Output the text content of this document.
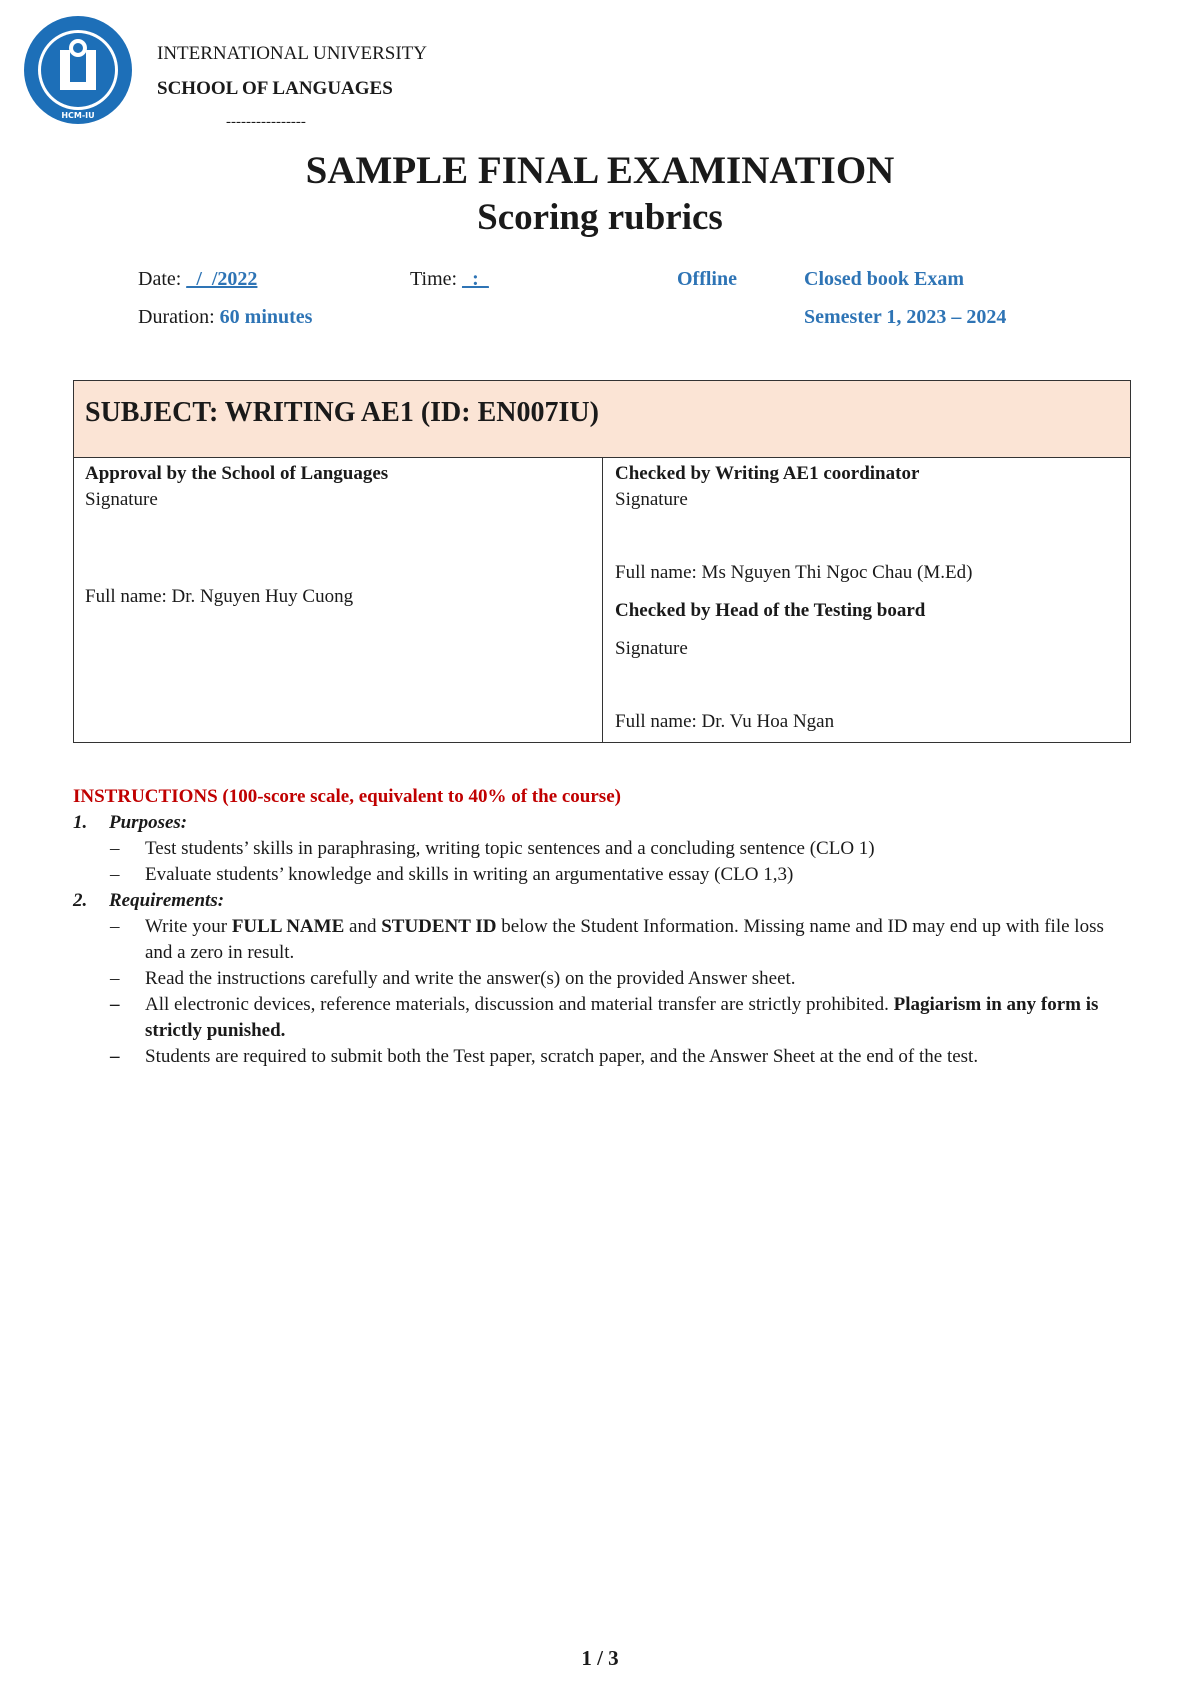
HCM-IU
INTERNATIONAL UNIVERSITY
SCHOOL OF LANGUAGES
----------------
SAMPLE FINAL EXAMINATION
Scoring rubrics
Date: _/_/2022	Time: _:_	Offline	Closed book Exam
Duration: 60 minutes	Semester 1, 2023 – 2024
SUBJECT: WRITING AE1 (ID: EN007IU)
Approval by the School of Languages
Signature
Full name: Dr. Nguyen Huy Cuong
Checked by Writing AE1 coordinator
Signature
Full name: Ms Nguyen Thi Ngoc Chau (M.Ed)
Checked by Head of the Testing board
Signature
Full name: Dr. Vu Hoa Ngan
INSTRUCTIONS (100-score scale, equivalent to 40% of the course)
1. Purposes:
– Test students’ skills in paraphrasing, writing topic sentences and a concluding sentence (CLO 1)
– Evaluate students’ knowledge and skills in writing an argumentative essay (CLO 1,3)
2. Requirements:
– Write your FULL NAME and STUDENT ID below the Student Information. Missing name and ID may end up with file loss and a zero in result.
– Read the instructions carefully and write the answer(s) on the provided Answer sheet.
– All electronic devices, reference materials, discussion and material transfer are strictly prohibited. Plagiarism in any form is strictly punished.
– Students are required to submit both the Test paper, scratch paper, and the Answer Sheet at the end of the test.
1 / 3
